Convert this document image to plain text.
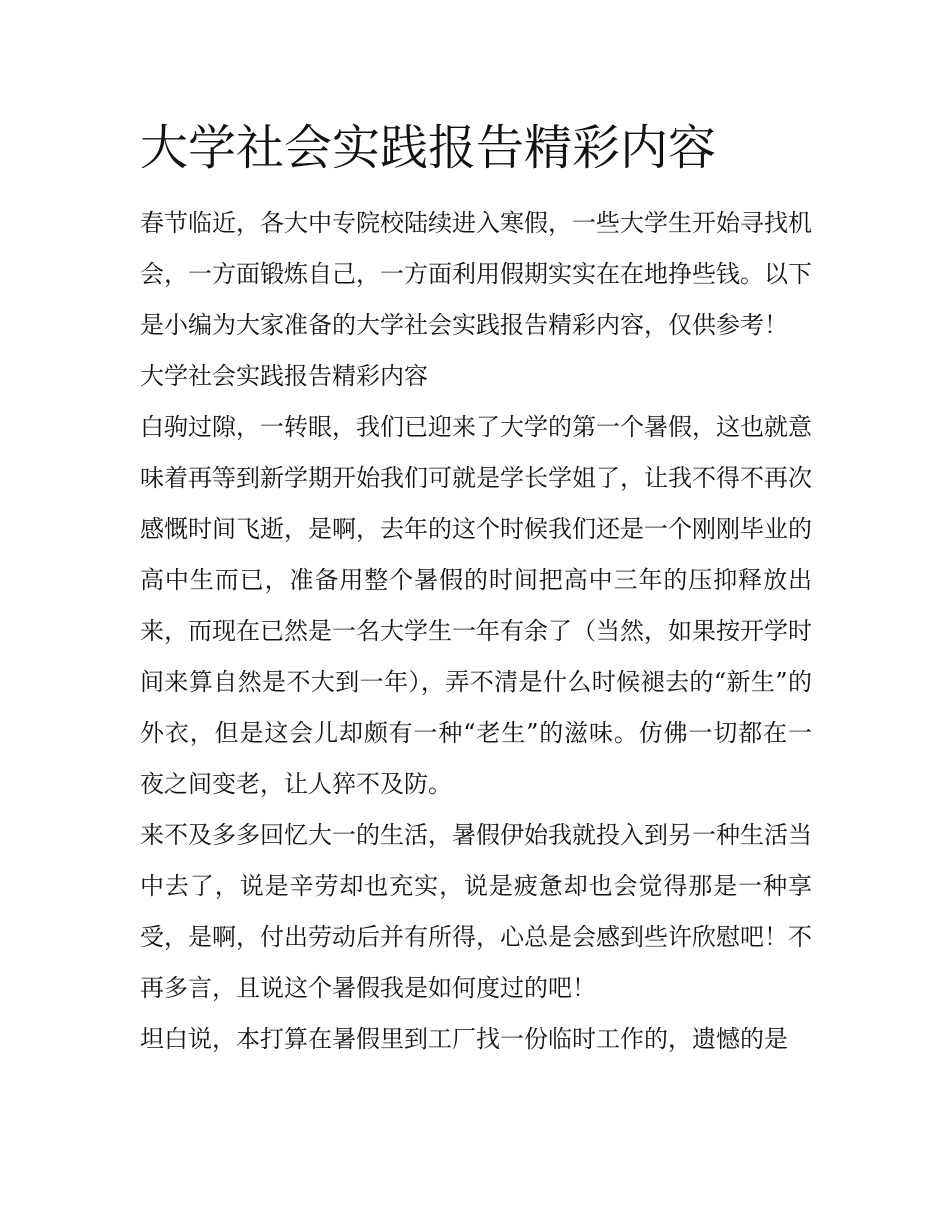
大学社会实践报告精彩内容

春节临近，各大中专院校陆续进入寒假，一些大学生开始寻找机会，一方面锻炼自己，一方面利用假期实实在在地挣些钱。以下是小编为大家准备的大学社会实践报告精彩内容，仅供参考！

大学社会实践报告精彩内容

白驹过隙，一转眼，我们已迎来了大学的第一个暑假，这也就意味着再等到新学期开始我们可就是学长学姐了，让我不得不再次感慨时间飞逝，是啊，去年的这个时候我们还是一个刚刚毕业的高中生而已，准备用整个暑假的时间把高中三年的压抑释放出来，而现在已然是一名大学生一年有余了（当然，如果按开学时间来算自然是不大到一年），弄不清是什么时候褪去的“新生”的外衣，但是这会儿却颇有一种“老生”的滋味。仿佛一切都在一夜之间变老，让人猝不及防。

来不及多多回忆大一的生活，暑假伊始我就投入到另一种生活当中去了，说是辛劳却也充实，说是疲惫却也会觉得那是一种享受，是啊，付出劳动后并有所得，心总是会感到些许欣慰吧！不再多言，且说这个暑假我是如何度过的吧！

坦白说，本打算在暑假里到工厂找一份临时工作的，遗憾的是
